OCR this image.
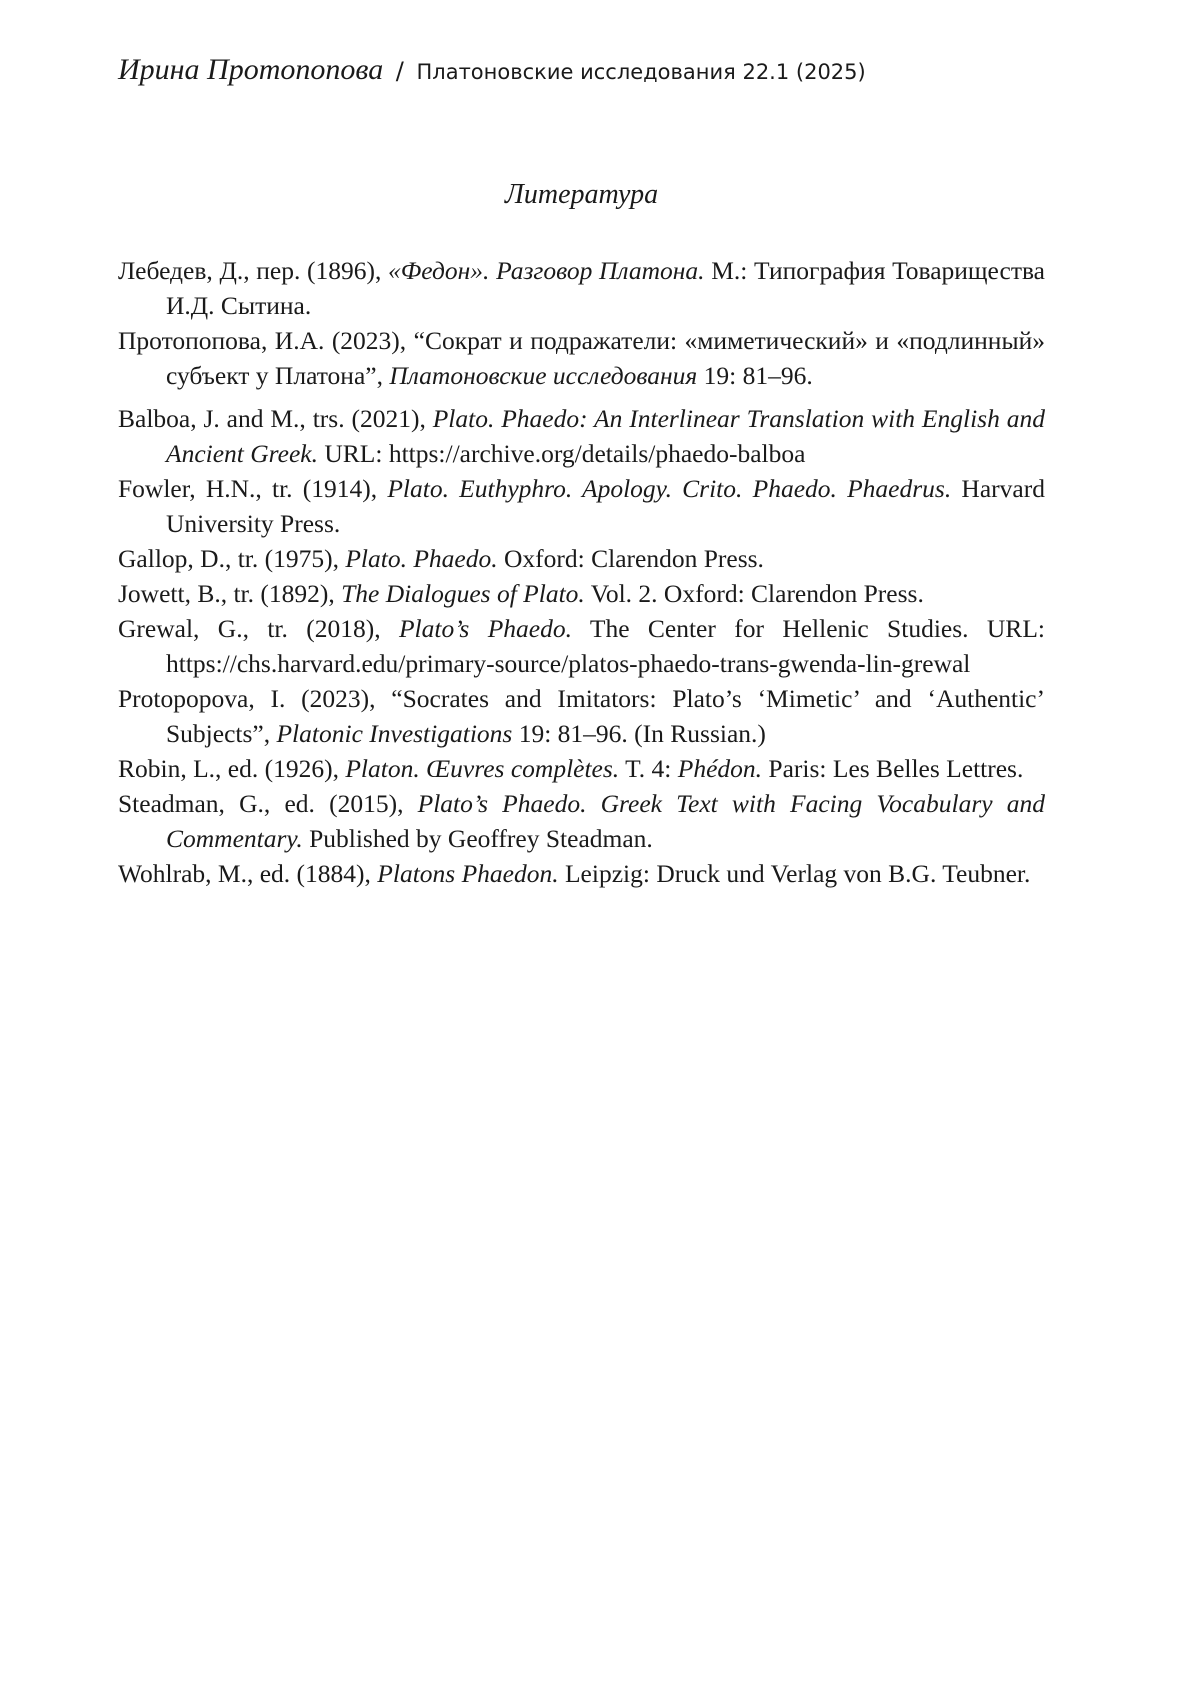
Ирина Протопопова / Платоновские исследования 22.1 (2025)
Литература

Лебедев, Д., пер. (1896), «Федон». Разговор Платона. М.: Типография Товарищества И.Д. Сытина.

Протопопова, И.А. (2023), “Сократ и подражатели: «миметический» и «подлинный» субъект у Платона”, Платоновские исследования 19: 81–96.

Balboa, J. and M., trs. (2021), Plato. Phaedo: An Interlinear Translation with English and Ancient Greek. URL: https://archive.org/details/phaedo-balboa

Fowler, H.N., tr. (1914), Plato. Euthyphro. Apology. Crito. Phaedo. Phaedrus. Harvard University Press.

Gallop, D., tr. (1975), Plato. Phaedo. Oxford: Clarendon Press.

Jowett, B., tr. (1892), The Dialogues of Plato. Vol. 2. Oxford: Clarendon Press.

Grewal, G., tr. (2018), Plato’s Phaedo. The Center for Hellenic Studies. URL: https://chs.harvard.edu/primary-source/platos-phaedo-trans-gwenda-lin-grewal

Protopopova, I. (2023), “Socrates and Imitators: Plato’s ‘Mimetic’ and ‘Authentic’ Subjects”, Platonic Investigations 19: 81–96. (In Russian.)

Robin, L., ed. (1926), Platon. Œuvres complètes. T. 4: Phédon. Paris: Les Belles Lettres.

Steadman, G., ed. (2015), Plato’s Phaedo. Greek Text with Facing Vocabulary and Commentary. Published by Geoffrey Steadman.

Wohlrab, M., ed. (1884), Platons Phaedon. Leipzig: Druck und Verlag von B.G. Teubner.
